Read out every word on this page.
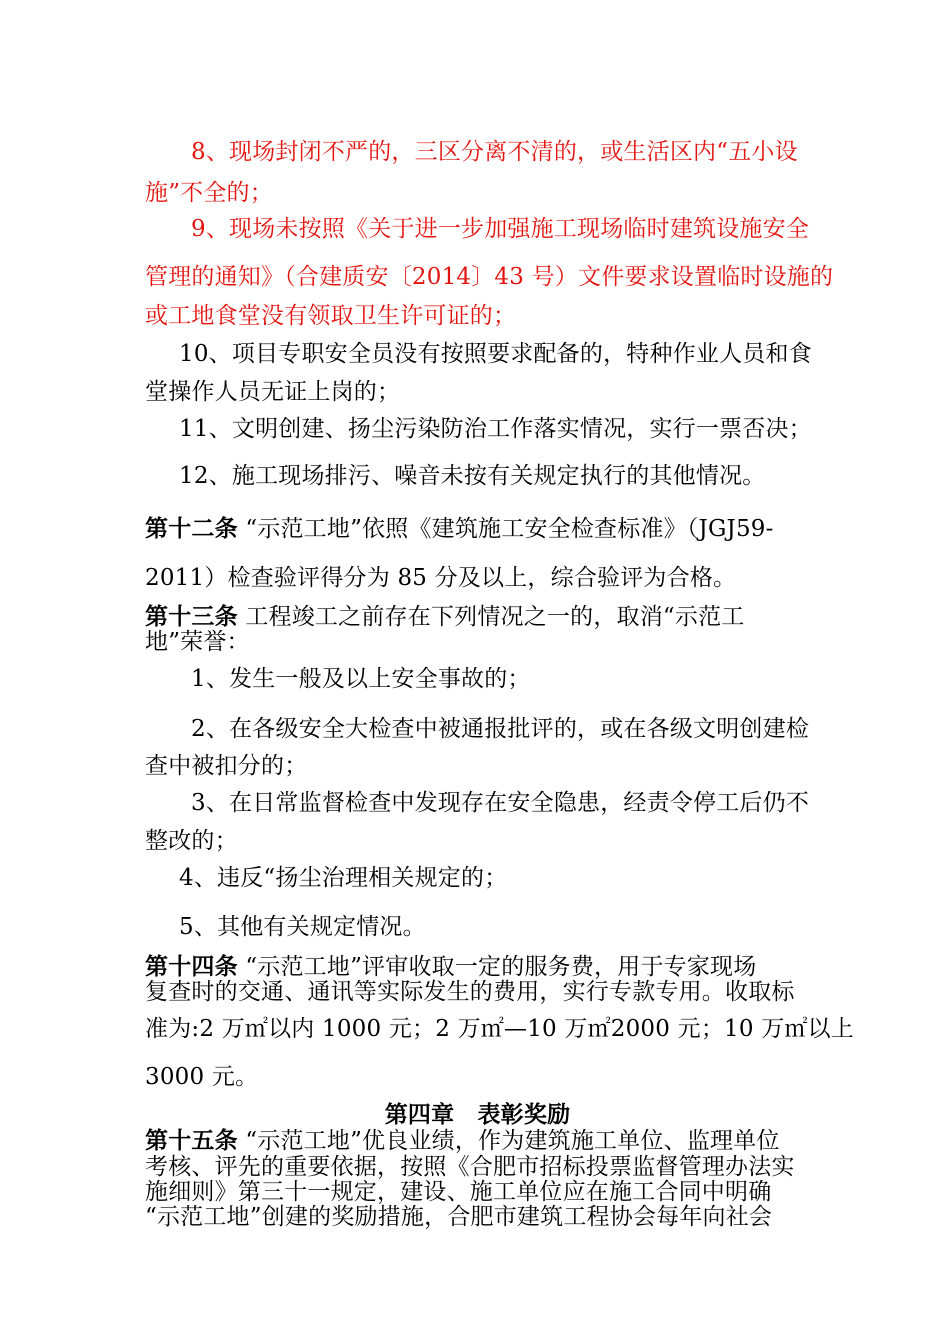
8、现场封闭不严的，三区分离不清的，或生活区内“五小设

施”不全的；

9、现场未按照《关于进一步加强施工现场临时建筑设施安全

管理的通知》（合建质安〔2014〕43 号）文件要求设置临时设施的

或工地食堂没有领取卫生许可证的；

10、项目专职安全员没有按照要求配备的，特种作业人员和食

堂操作人员无证上岗的；

11、文明创建、扬尘污染防治工作落实情况，实行一票否决；

12、施工现场排污、噪音未按有关规定执行的其他情况。

第十二条 “示范工地”依照《建筑施工安全检查标准》（JGJ59-

2011）检查验评得分为 85 分及以上，综合验评为合格。

第十三条 工程竣工之前存在下列情况之一的，取消“示范工

地”荣誉：

1、发生一般及以上安全事故的；

2、在各级安全大检查中被通报批评的，或在各级文明创建检

查中被扣分的；

3、在日常监督检查中发现存在安全隐患，经责令停工后仍不

整改的；

4、违反“扬尘治理相关规定的；

5、其他有关规定情况。

第十四条 “示范工地”评审收取一定的服务费，用于专家现场

复查时的交通、通讯等实际发生的费用，实行专款专用。收取标

准为:2 万㎡以内 1000 元；2 万㎡—10 万㎡2000 元；10 万㎡以上

3000 元。

第四章　表彰奖励

第十五条 “示范工地”优良业绩，作为建筑施工单位、监理单位

考核、评先的重要依据，按照《合肥市招标投票监督管理办法实

施细则》第三十一规定，建设、施工单位应在施工合同中明确

“示范工地”创建的奖励措施，合肥市建筑工程协会每年向社会
